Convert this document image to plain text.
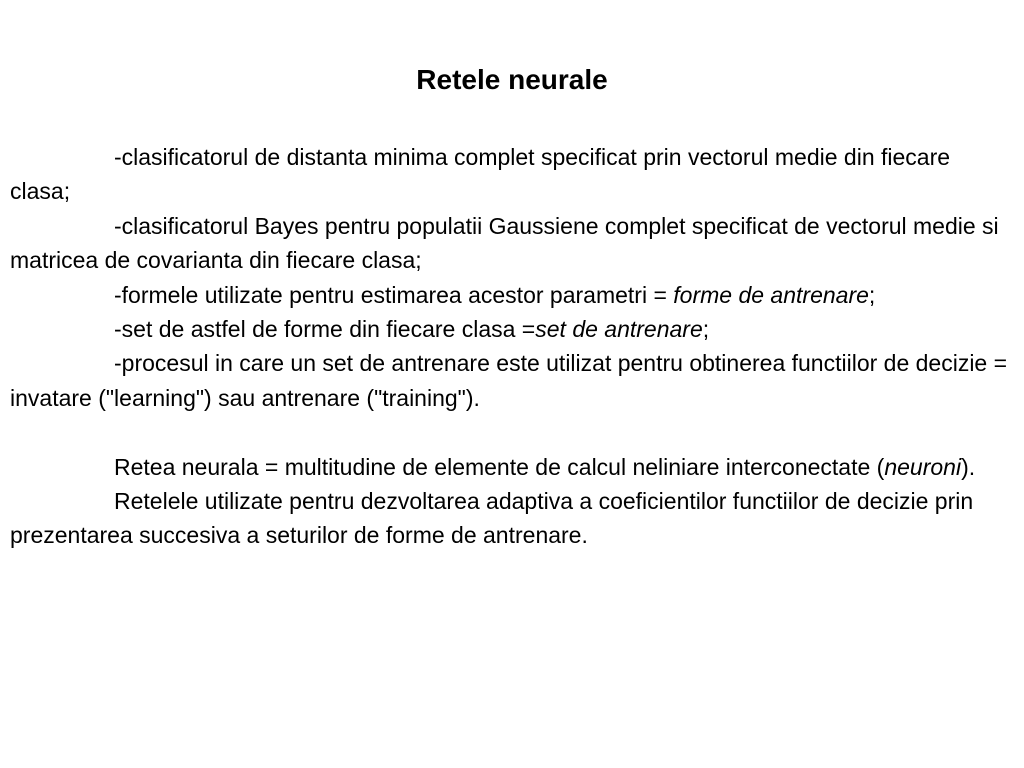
Retele neurale

-clasificatorul de distanta minima complet specificat prin vectorul medie din fiecare clasa;

-clasificatorul Bayes pentru populatii Gaussiene complet specificat de vectorul medie si matricea de covarianta din fiecare clasa;

-formele utilizate pentru estimarea acestor parametri = forme de antrenare;

-set de astfel de forme din fiecare clasa =set de antrenare;

-procesul in care un set de antrenare este utilizat pentru obtinerea functiilor de decizie = invatare ("learning") sau antrenare ("training").

Retea neurala = multitudine de elemente de calcul neliniare interconectate (neuroni).

Retelele utilizate pentru dezvoltarea adaptiva a coeficientilor functiilor de decizie prin prezentarea succesiva a seturilor de forme de antrenare.
